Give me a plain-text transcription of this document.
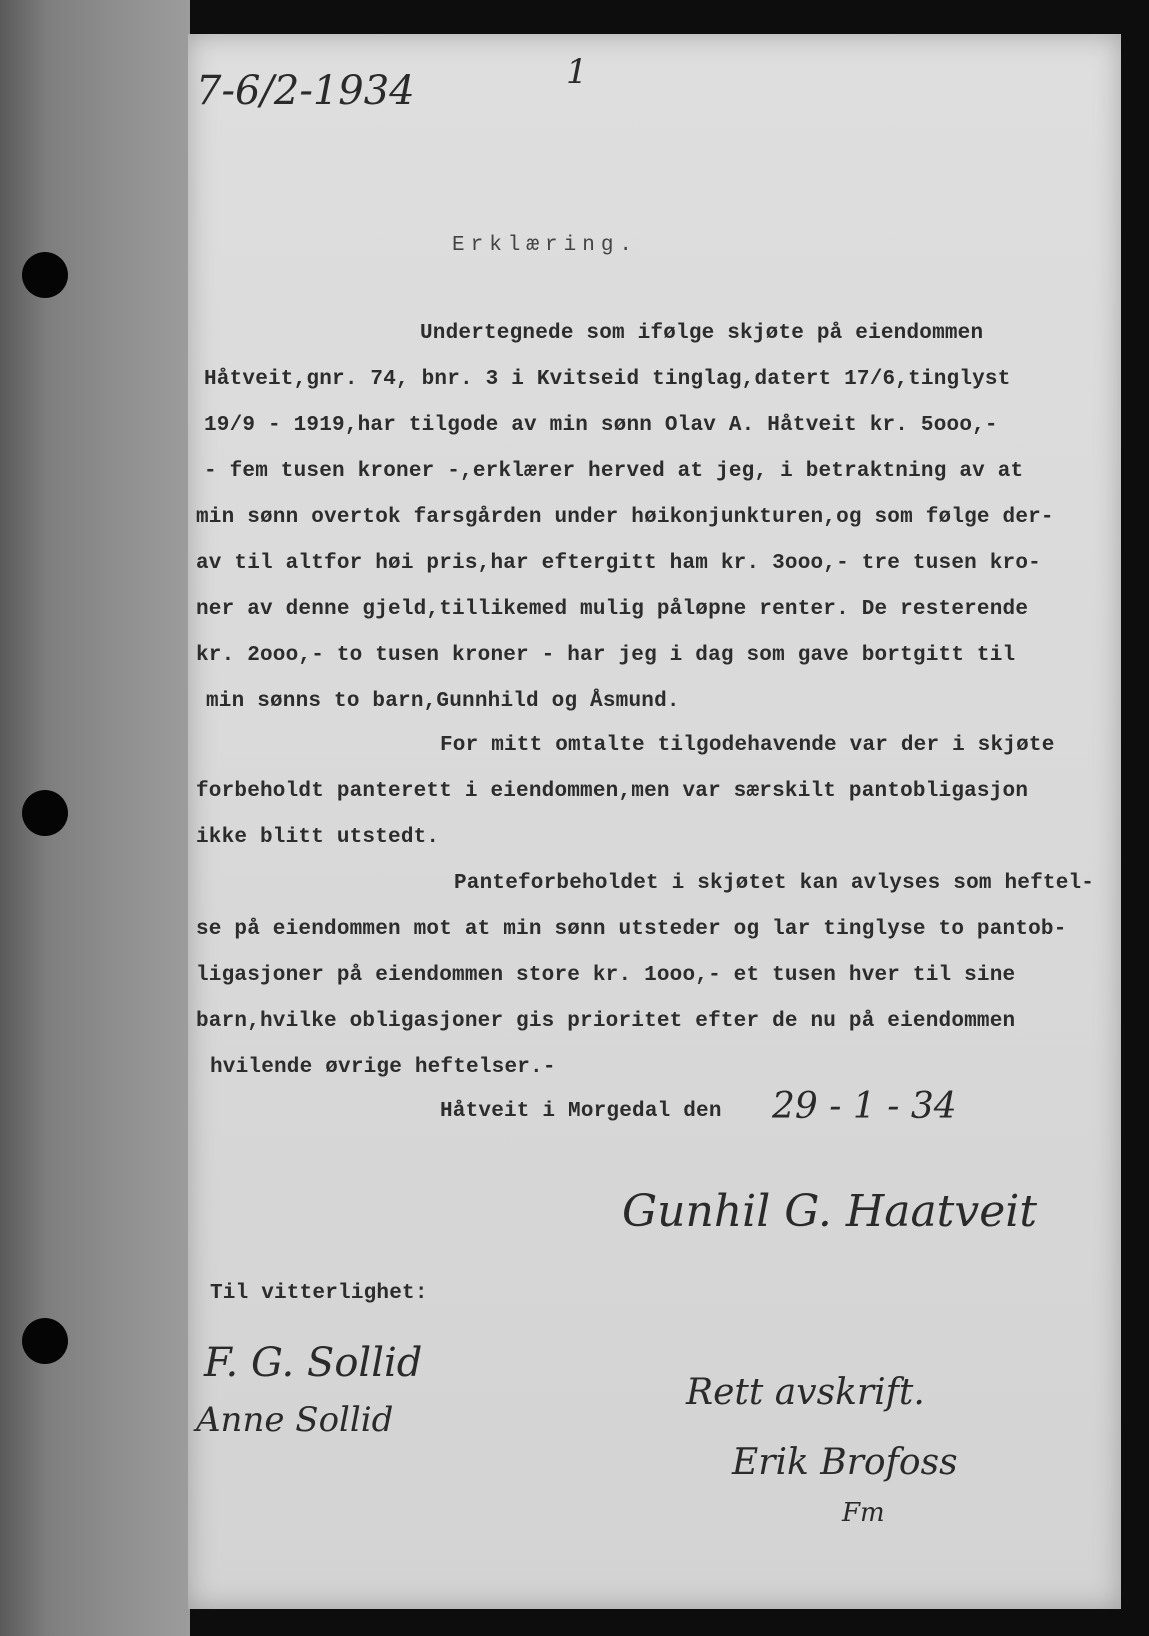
7-6/2-1934	1
Erklæring.
Undertegnede som ifølge skjøte på eiendommen
Håtveit,gnr. 74, bnr. 3 i Kvitseid tinglag,datert 17/6,tinglyst
19/9 - 1919,har tilgode av min sønn Olav A. Håtveit kr. 5ooo,-
- fem tusen kroner -,erklærer herved at jeg, i betraktning av at
min sønn overtok farsgården under høikonjunkturen,og som følge der-
av til altfor høi pris,har eftergitt ham kr. 3ooo,- tre tusen kro-
ner av denne gjeld,tillikemed mulig påløpne renter. De resterende
kr. 2ooo,- to tusen kroner - har jeg i dag som gave bortgitt til
min sønns to barn,Gunnhild og Åsmund.
For mitt omtalte tilgodehavende var der i skjøte
forbeholdt panterett i eiendommen,men var særskilt pantobligasjon
ikke blitt utstedt.
Panteforbeholdet i skjøtet kan avlyses som heftel-
se på eiendommen mot at min sønn utsteder og lar tinglyse to pantob-
ligasjoner på eiendommen store kr. 1ooo,- et tusen hver til sine
barn,hvilke obligasjoner gis prioritet efter de nu på eiendommen
hvilende øvrige heftelser.-
Håtveit i Morgedal den 29 - 1 - 34
Gunhil G. Haatveit
Til vitterlighet:
F. G. Sollid
Anne Sollid
Rett avskrift.
Erik Brofoss
Fm
